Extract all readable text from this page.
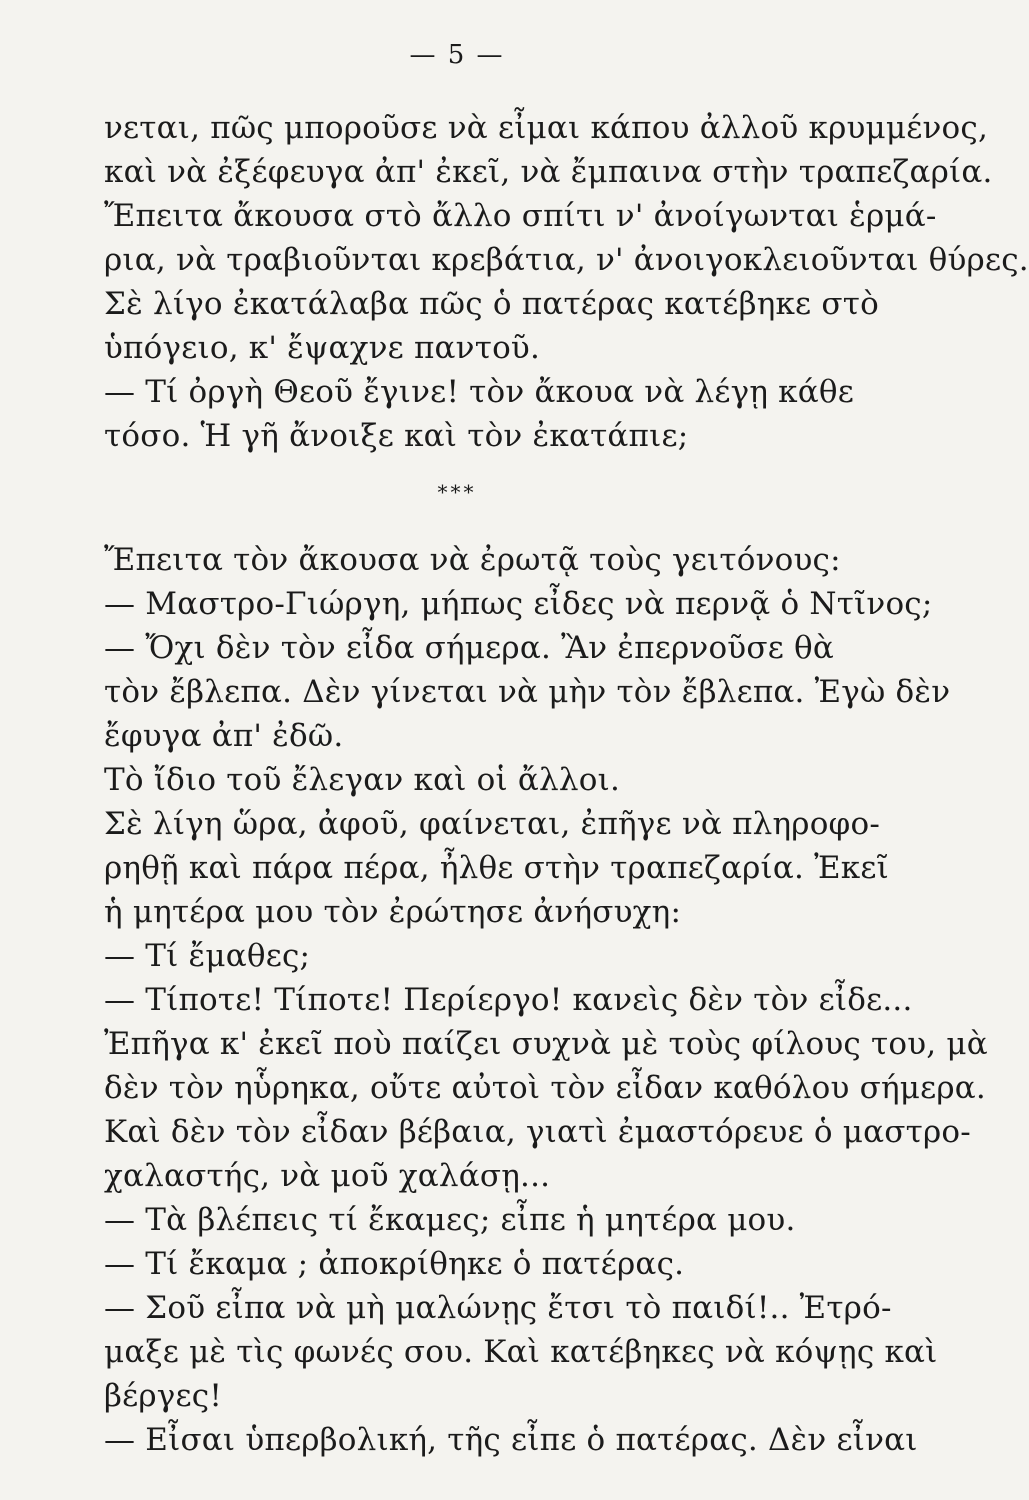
— 5 —
νεται, πῶς μποροῦσε νὰ εἶμαι κάπου ἀλλοῦ κρυμμένος,
καὶ νὰ ἐξέφευγα ἀπ' ἐκεῖ, νὰ ἔμπαινα στὴν τραπεζαρία.
Ἔπειτα ἄκουσα στὸ ἄλλο σπίτι ν' ἀνοίγωνται ἑρμά-
ρια, νὰ τραβιοῦνται κρεβάτια, ν' ἀνοιγοκλειοῦνται θύρες.
Σὲ λίγο ἐκατάλαβα πῶς ὁ πατέρας κατέβηκε στὸ
ὑπόγειο, κ' ἔψαχνε παντοῦ.
— Τί ὀργὴ Θεοῦ ἔγινε! τὸν ἄκουα νὰ λέγῃ κάθε
τόσο. Ἡ γῆ ἄνοιξε καὶ τὸν ἐκατάπιε;
***
Ἔπειτα τὸν ἄκουσα νὰ ἐρωτᾷ τοὺς γειτόνους:
— Μαστρο-Γιώργη, μήπως εἶδες νὰ περνᾷ ὁ Ντῖνος;
— Ὄχι δὲν τὸν εἶδα σήμερα. Ἂν ἐπερνοῦσε θὰ
τὸν ἔβλεπα. Δὲν γίνεται νὰ μὴν τὸν ἔβλεπα. Ἐγὼ δὲν
ἔφυγα ἀπ' ἐδῶ.
Τὸ ἴδιο τοῦ ἔλεγαν καὶ οἱ ἄλλοι.
Σὲ λίγη ὥρα, ἀφοῦ, φαίνεται, ἐπῆγε νὰ πληροφο-
ρηθῇ καὶ πάρα πέρα, ἦλθε στὴν τραπεζαρία. Ἐκεῖ
ἡ μητέρα μου τὸν ἐρώτησε ἀνήσυχη:
— Τί ἔμαθες;
— Τίποτε! Τίποτε! Περίεργο! κανεὶς δὲν τὸν εἶδε...
Ἐπῆγα κ' ἐκεῖ ποὺ παίζει συχνὰ μὲ τοὺς φίλους του, μὰ
δὲν τὸν ηὗρηκα, οὔτε αὐτοὶ τὸν εἶδαν καθόλου σήμερα.
Καὶ δὲν τὸν εἶδαν βέβαια, γιατὶ ἐμαστόρευε ὁ μαστρο-
χαλαστής, νὰ μοῦ χαλάσῃ...
— Τὰ βλέπεις τί ἔκαμες; εἶπε ἡ μητέρα μου.
— Τί ἔκαμα ; ἀποκρίθηκε ὁ πατέρας.
— Σοῦ εἶπα νὰ μὴ μαλώνῃς ἔτσι τὸ παιδί!.. Ἐτρό-
μαξε μὲ τὶς φωνές σου. Καὶ κατέβηκες νὰ κόψῃς καὶ
βέργες!
— Εἶσαι ὑπερβολική, τῆς εἶπε ὁ πατέρας. Δὲν εἶναι
